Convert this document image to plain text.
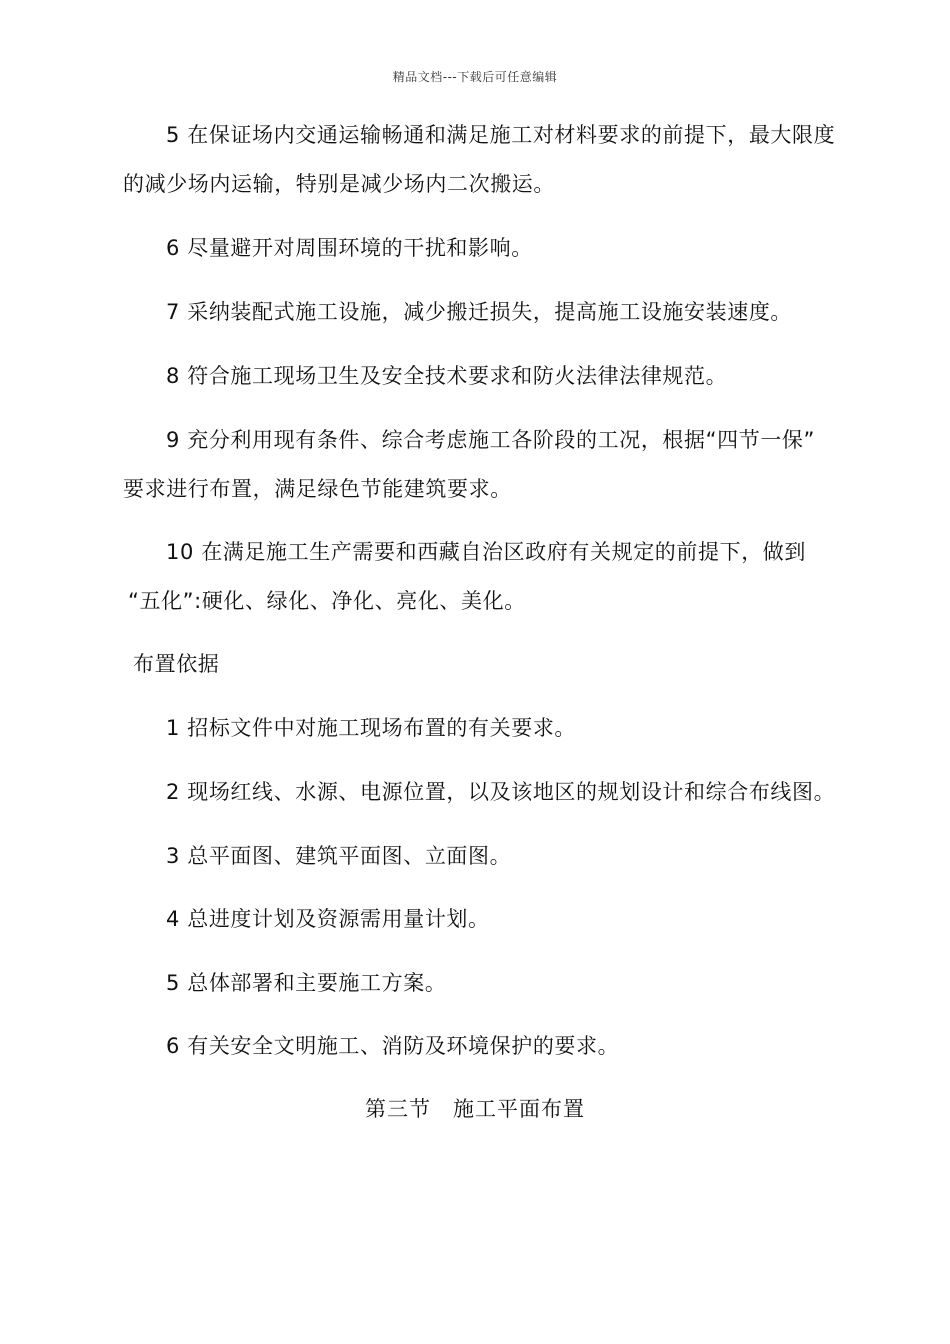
精品文档---下载后可任意编辑
5 在保证场内交通运输畅通和满足施工对材料要求的前提下，最大限度
的减少场内运输，特别是减少场内二次搬运。
6 尽量避开对周围环境的干扰和影响。
7 采纳装配式施工设施，减少搬迁损失，提高施工设施安装速度。
8 符合施工现场卫生及安全技术要求和防火法律法律规范。
9 充分利用现有条件、综合考虑施工各阶段的工况，根据“四节一保”
要求进行布置，满足绿色节能建筑要求。
10 在满足施工生产需要和西藏自治区政府有关规定的前提下，做到
“五化”:硬化、绿化、净化、亮化、美化。
布置依据
1 招标文件中对施工现场布置的有关要求。
2 现场红线、水源、电源位置，以及该地区的规划设计和综合布线图。
3 总平面图、建筑平面图、立面图。
4 总进度计划及资源需用量计划。
5 总体部署和主要施工方案。
6 有关安全文明施工、消防及环境保护的要求。
第三节　施工平面布置
